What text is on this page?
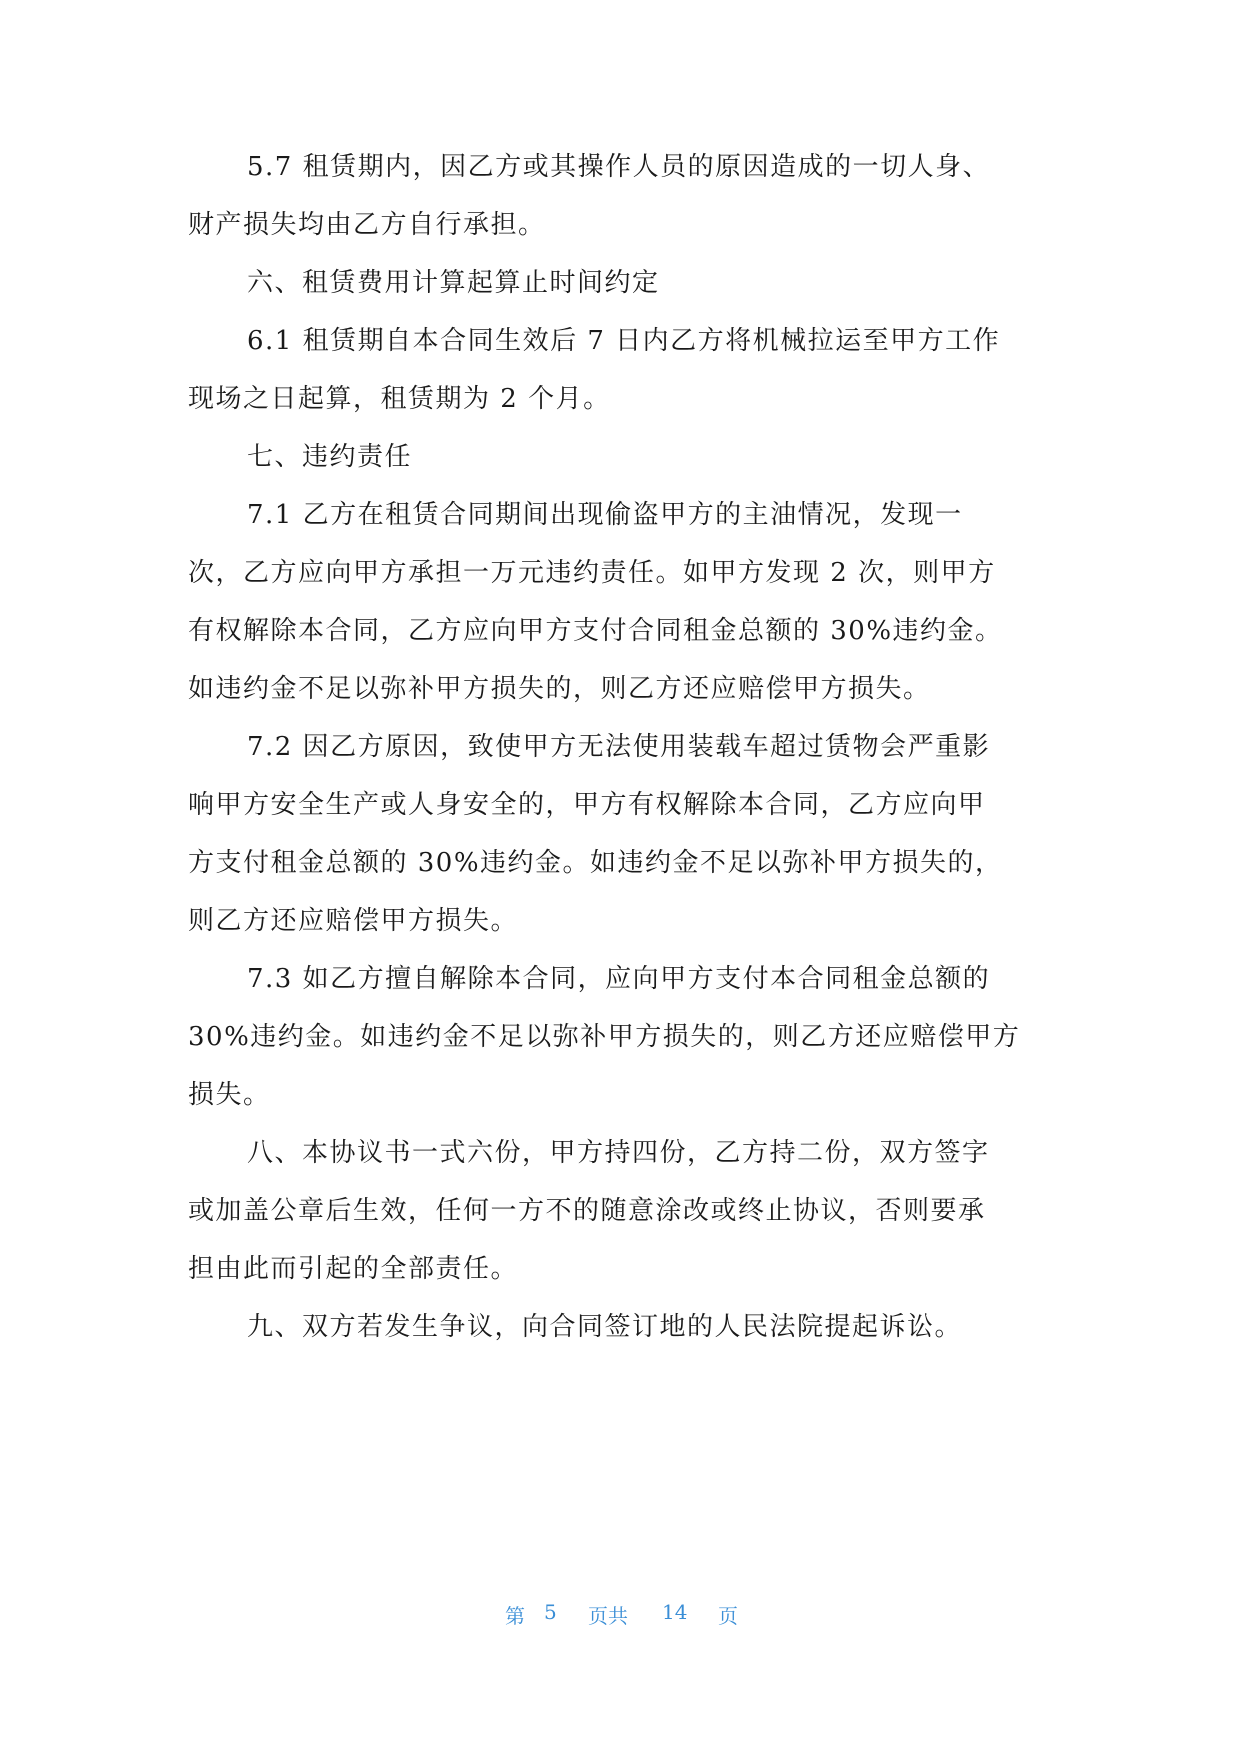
5.7 租赁期内，因乙方或其操作人员的原因造成的一切人身、
财产损失均由乙方自行承担。
六、租赁费用计算起算止时间约定
6.1 租赁期自本合同生效后 7 日内乙方将机械拉运至甲方工作
现场之日起算，租赁期为 2 个月。
七、违约责任
7.1 乙方在租赁合同期间出现偷盗甲方的主油情况，发现一
次，乙方应向甲方承担一万元违约责任。如甲方发现 2 次，则甲方
有权解除本合同，乙方应向甲方支付合同租金总额的 30%违约金。
如违约金不足以弥补甲方损失的，则乙方还应赔偿甲方损失。
7.2 因乙方原因，致使甲方无法使用装载车超过赁物会严重影
响甲方安全生产或人身安全的，甲方有权解除本合同，乙方应向甲
方支付租金总额的 30%违约金。如违约金不足以弥补甲方损失的，
则乙方还应赔偿甲方损失。
7.3 如乙方擅自解除本合同，应向甲方支付本合同租金总额的
30%违约金。如违约金不足以弥补甲方损失的，则乙方还应赔偿甲方
损失。
八、本协议书一式六份，甲方持四份，乙方持二份，双方签字
或加盖公章后生效，任何一方不的随意涂改或终止协议，否则要承
担由此而引起的全部责任。
九、双方若发生争议，向合同签订地的人民法院提起诉讼。
第 5 页共 14 页
